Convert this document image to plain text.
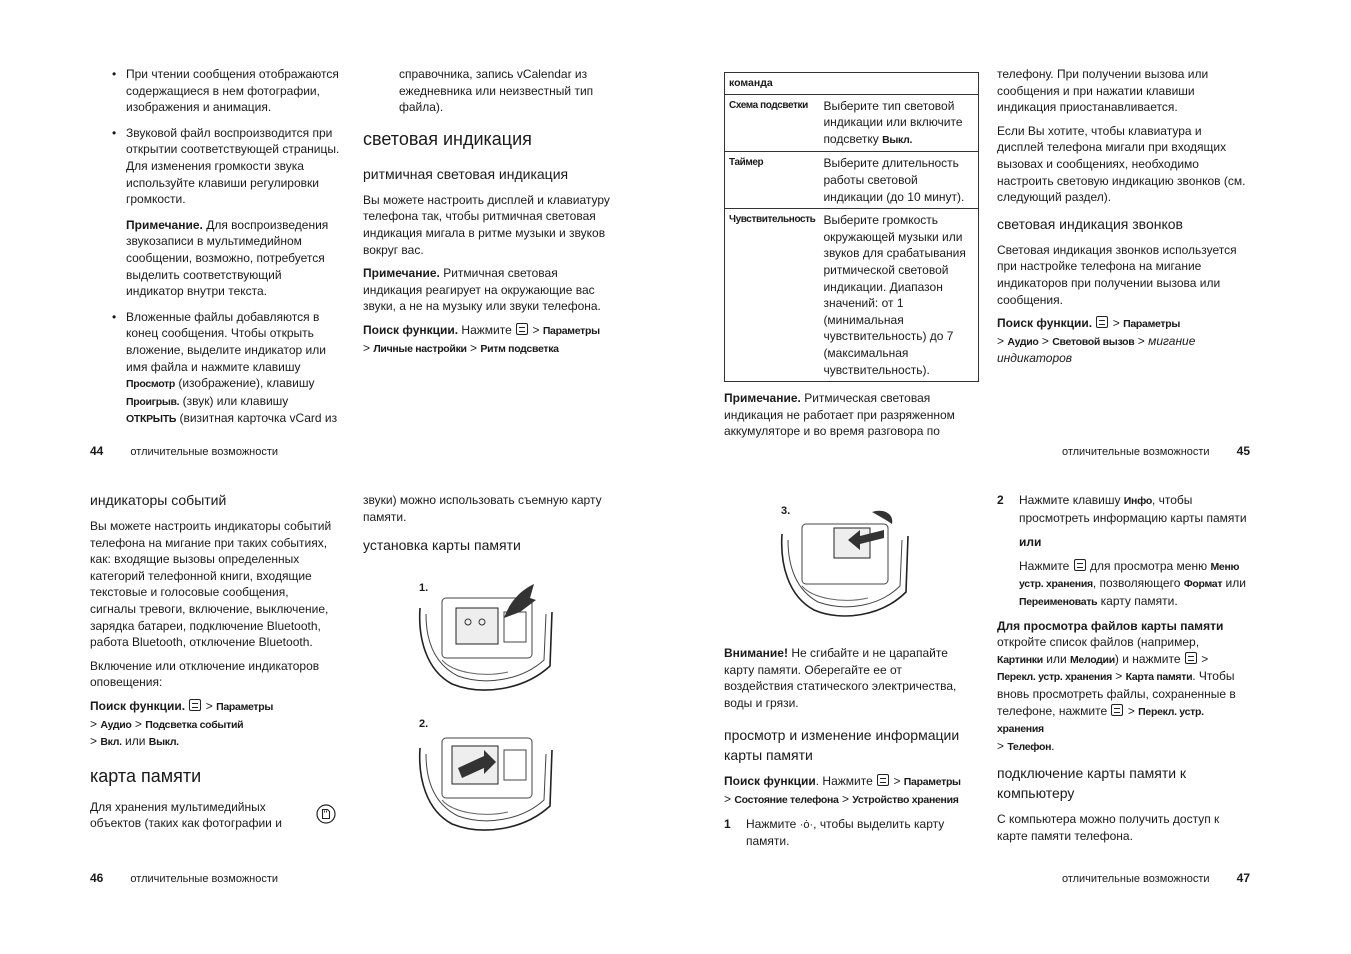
• При чтении сообщения отображаются содержащиеся в нем фотографии, изображения и анимация.
• Звуковой файл воспроизводится при открытии соответствующей страницы. Для изменения громкости звука используйте клавиши регулировки громкости.

Примечание. Для воспроизведения звукозаписи в мультимедийном сообщении, возможно, потребуется выделить соответствующий индикатор внутри текста.

• Вложенные файлы добавляются в конец сообщения. Чтобы открыть вложение, выделите индикатор или имя файла и нажмите клавишу Просмотр (изображение), клавишу Проигрыв. (звук) или клавишу ОТКРЫТЬ (визитная карточка vCard из

справочника, запись vCalendar из ежедневника или неизвестный тип файла).

световая индикация
ритмичная световая индикация

Вы можете настроить дисплей и клавиатуру телефона так, чтобы ритмичная световая индикация мигала в ритме музыки и звуков вокруг вас.

Примечание. Ритмичная световая индикация реагирует на окружающие вас звуки, а не на музыку или звуки телефона.

Поиск функции. Нажмите  > Параметры
> Личные настройки > Ритм подсветка

44 отличительные возможности
команда	
Схема подсветки	Выберите тип световой индикации или включите подсветку Выкл.
Таймер	Выберите длительность работы световой индикации (до 10 минут).
Чувствительность	Выберите громкость окружающей музыки или звуков для срабатывания ритмической световой индикации. Диапазон значений: от 1 (минимальная чувствительность) до 7 (максимальная чувствительность).

Примечание. Ритмическая световая индикация не работает при разряженном аккумуляторе и во время разговора по

телефону. При получении вызова или сообщения и при нажатии клавиши индикация приостанавливается.

Если Вы хотите, чтобы клавиатура и дисплей телефона мигали при входящих вызовах и сообщениях, необходимо настроить световую индикацию звонков (см. следующий раздел).

световая индикация звонков

Световая индикация звонков используется при настройке телефона на мигание индикаторов при получении вызова или сообщения.

Поиск функции.  > Параметры
> Аудио > Световой вызов > мигание индикаторов

отличительные возможности 45
индикаторы событий

Вы можете настроить индикаторы событий телефона на мигание при таких событиях, как: входящие вызовы определенных категорий телефонной книги, входящие текстовые и голосовые сообщения, сигналы тревоги, включение, выключение, зарядка батареи, подключение Bluetooth, работа Bluetooth, отключение Bluetooth.

Включение или отключение индикаторов оповещения:

Поиск функции.  > Параметры
> Аудио > Подсветка событий
> Вкл. или Выкл.

карта памяти

Для хранения мультимедийных объектов (таких как фотографии и

звуки) можно использовать съемную карту памяти.

установка карты памяти
1.
2.
46 отличительные возможности
3.

Внимание! Не сгибайте и не царапайте карту памяти. Оберегайте ее от воздействия статического электричества, воды и грязи.

просмотр и изменение информации карты памяти

Поиск функции. Нажмите  > Параметры
> Состояние телефона > Устройство хранения

1 Нажмите ·ȯ·, чтобы выделить карту памяти.
2 Нажмите клавишу Инфо, чтобы просмотреть информацию карты памяти

или

Нажмите  для просмотра меню Меню устр. хранения, позволяющего Формат или Переименовать карту памяти.

Для просмотра файлов карты памяти откройте список файлов (например, Картинки или Мелодии) и нажмите  > Перекл. устр. хранения > Карта памяти. Чтобы вновь просмотреть файлы, сохраненные в телефоне, нажмите  > Перекл. устр. хранения
> Телефон.

подключение карты памяти к компьютеру

С компьютера можно получить доступ к карте памяти телефона.

отличительные возможности 47
